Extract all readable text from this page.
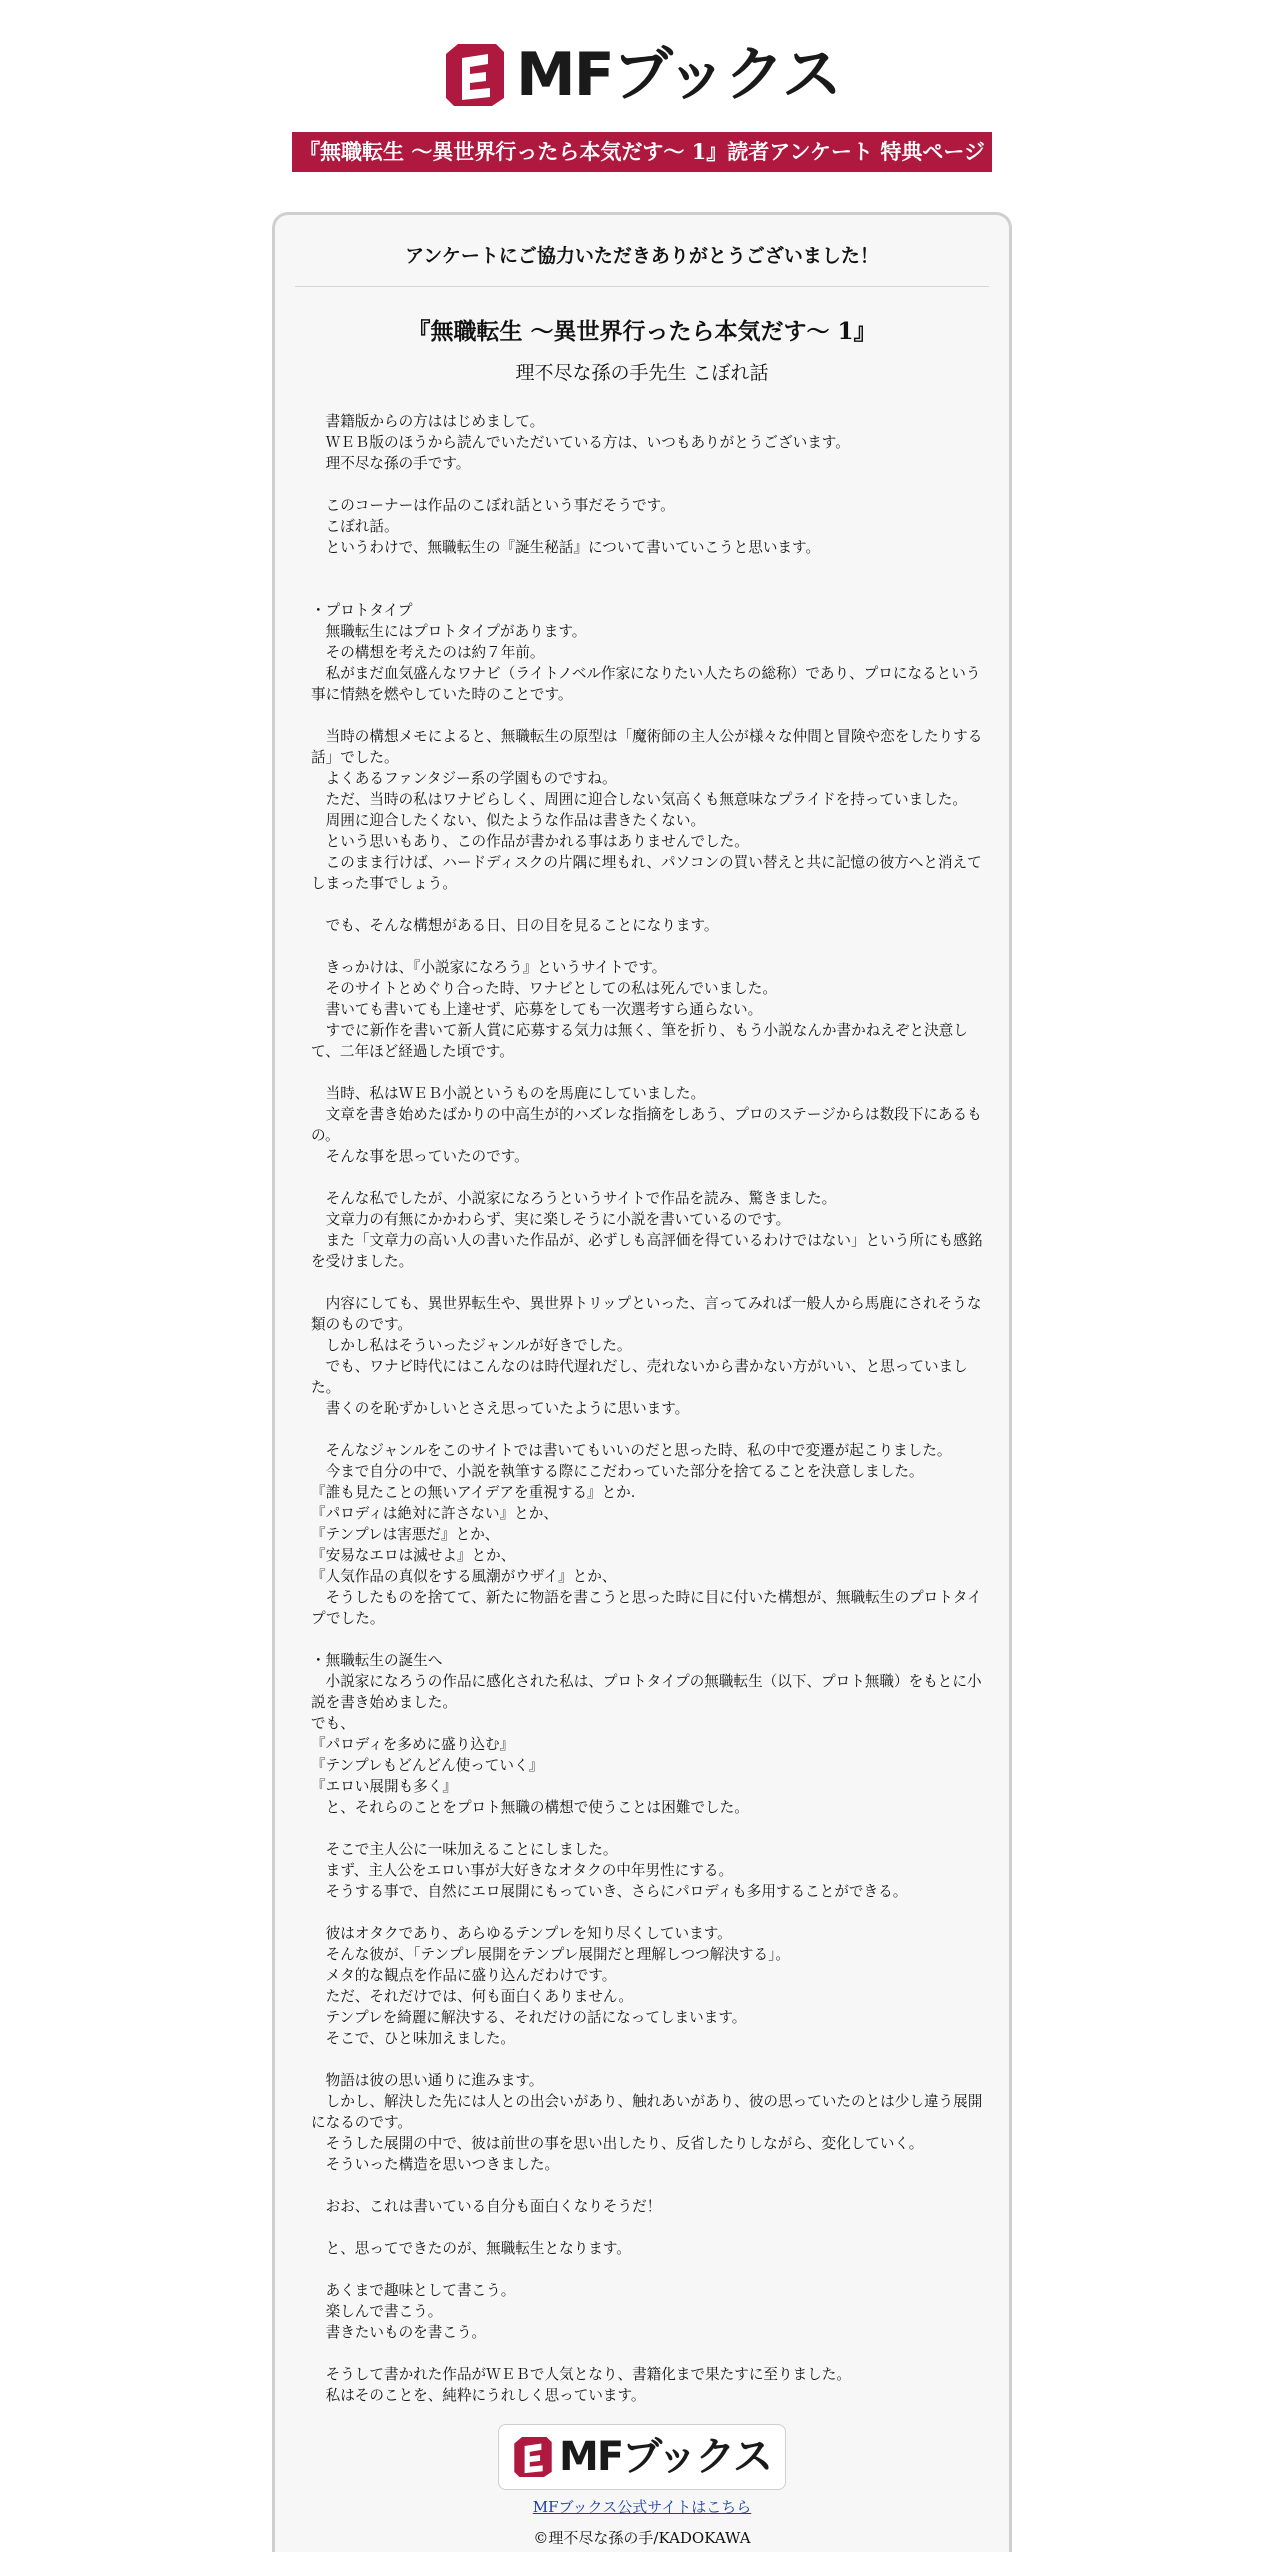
MFブックス
『無職転生 ～異世界行ったら本気だす～ 1』読者アンケート 特典ページ
アンケートにご協力いただきありがとうございました！
『無職転生 ～異世界行ったら本気だす～ 1』
理不尽な孫の手先生 こぼれ話
　書籍版からの方ははじめまして。
　ＷＥＢ版のほうから読んでいただいている方は、いつもありがとうございます。
　理不尽な孫の手です。

　このコーナーは作品のこぼれ話という事だそうです。
　こぼれ話。
　というわけで、無職転生の『誕生秘話』について書いていこうと思います。

・プロトタイプ
　無職転生にはプロトタイプがあります。
　その構想を考えたのは約７年前。
　私がまだ血気盛んなワナビ（ライトノベル作家になりたい人たちの総称）であり、プロになるという事に情熱を燃やしていた時のことです。

　当時の構想メモによると、無職転生の原型は「魔術師の主人公が様々な仲間と冒険や恋をしたりする話」でした。
　よくあるファンタジー系の学園ものですね。
　ただ、当時の私はワナビらしく、周囲に迎合しない気高くも無意味なプライドを持っていました。
　周囲に迎合したくない、似たような作品は書きたくない。
　という思いもあり、この作品が書かれる事はありませんでした。
　このまま行けば、ハードディスクの片隅に埋もれ、パソコンの買い替えと共に記憶の彼方へと消えてしまった事でしょう。

　でも、そんな構想がある日、日の目を見ることになります。

　きっかけは、『小説家になろう』というサイトです。
　そのサイトとめぐり合った時、ワナビとしての私は死んでいました。
　書いても書いても上達せず、応募をしても一次選考すら通らない。
　すでに新作を書いて新人賞に応募する気力は無く、筆を折り、もう小説なんか書かねえぞと決意して、二年ほど経過した頃です。

　当時、私はＷＥＢ小説というものを馬鹿にしていました。
　文章を書き始めたばかりの中高生が的ハズレな指摘をしあう、プロのステージからは数段下にあるもの。
　そんな事を思っていたのです。

　そんな私でしたが、小説家になろうというサイトで作品を読み、驚きました。
　文章力の有無にかかわらず、実に楽しそうに小説を書いているのです。
　また「文章力の高い人の書いた作品が、必ずしも高評価を得ているわけではない」という所にも感銘を受けました。

　内容にしても、異世界転生や、異世界トリップといった、言ってみれば一般人から馬鹿にされそうな類のものです。
　しかし私はそういったジャンルが好きでした。
　でも、ワナビ時代にはこんなのは時代遅れだし、売れないから書かない方がいい、と思っていました。
　書くのを恥ずかしいとさえ思っていたように思います。

　そんなジャンルをこのサイトでは書いてもいいのだと思った時、私の中で変遷が起こりました。
　今まで自分の中で、小説を執筆する際にこだわっていた部分を捨てることを決意しました。
『誰も見たことの無いアイデアを重視する』とか.
『パロディは絶対に許さない』とか、
『テンプレは害悪だ』とか、
『安易なエロは滅せよ』とか、
『人気作品の真似をする風潮がウザイ』とか、
　そうしたものを捨てて、新たに物語を書こうと思った時に目に付いた構想が、無職転生のプロトタイプでした。

・無職転生の誕生へ
　小説家になろうの作品に感化された私は、プロトタイプの無職転生（以下、プロト無職）をもとに小説を書き始めました。
でも、
『パロディを多めに盛り込む』
『テンプレもどんどん使っていく』
『エロい展開も多く』
　と、それらのことをプロト無職の構想で使うことは困難でした。

　そこで主人公に一味加えることにしました。
　まず、主人公をエロい事が大好きなオタクの中年男性にする。
　そうする事で、自然にエロ展開にもっていき、さらにパロディも多用することができる。

　彼はオタクであり、あらゆるテンプレを知り尽くしています。
　そんな彼が、「テンプレ展開をテンプレ展開だと理解しつつ解決する」。
　メタ的な観点を作品に盛り込んだわけです。
　ただ、それだけでは、何も面白くありません。
　テンプレを綺麗に解決する、それだけの話になってしまいます。
　そこで、ひと味加えました。

　物語は彼の思い通りに進みます。
　しかし、解決した先には人との出会いがあり、触れあいがあり、彼の思っていたのとは少し違う展開になるのです。
　そうした展開の中で、彼は前世の事を思い出したり、反省したりしながら、変化していく。
　そういった構造を思いつきました。

　おお、これは書いている自分も面白くなりそうだ！

　と、思ってできたのが、無職転生となります。

　あくまで趣味として書こう。
　楽しんで書こう。
　書きたいものを書こう。

　そうして書かれた作品がＷＥＢで人気となり、書籍化まで果たすに至りました。
　私はそのことを、純粋にうれしく思っています。
MFブックス
MFブックス公式サイトはこちら
©理不尽な孫の手/KADOKAWA
